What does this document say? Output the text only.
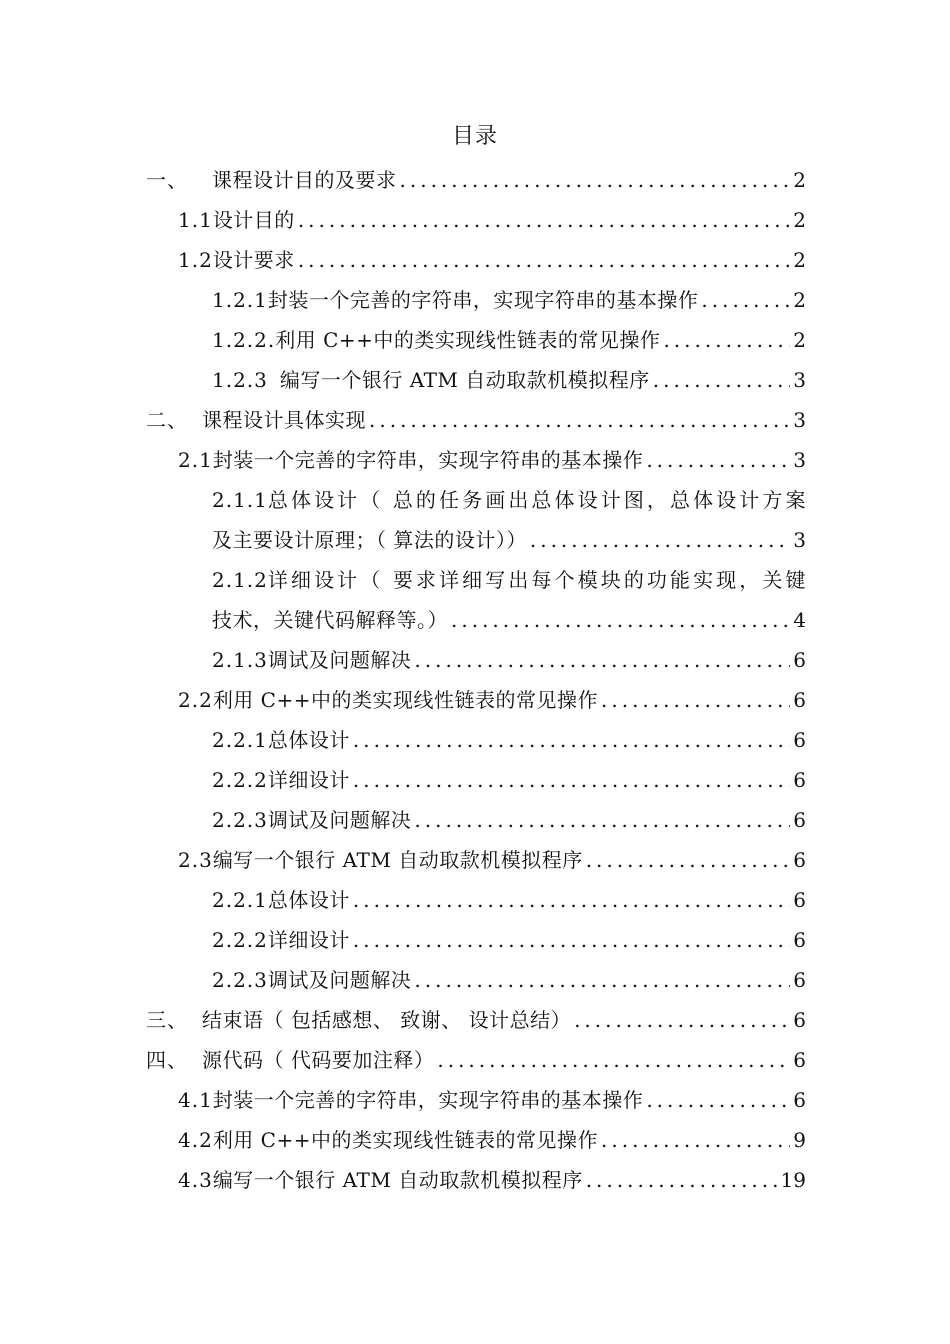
目录
一、	课程设计目的及要求 .....	2
1.1 设计目的 .....	2
1.2 设计要求 .....	2
1.2.1 封装一个完善的字符串，实现字符串的基本操作 .....	2
1.2.2. 利用 C++中的类实现线性链表的常见操作 .....	2
1.2.3 编写一个银行 ATM 自动取款机模拟程序 .....	3
二、 课程设计具体实现 .....	3
2.1 封装一个完善的字符串，实现字符串的基本操作 .....	3
2.1.1 总体设计（ 总的任务画出总体设计图，总体设计方案
及主要设计原理；（ 算法的设计）） .....	3
2.1.2 详细设计（ 要求详细写出每个模块的功能实现，关键
技术，关键代码解释等。） .....	4
2.1.3 调试及问题解决 .....	6
2.2 利用 C++中的类实现线性链表的常见操作 .....	6
2.2.1 总体设计 .....	6
2.2.2 详细设计 .....	6
2.2.3 调试及问题解决 .....	6
2.3 编写一个银行 ATM 自动取款机模拟程序 .....	6
2.2.1 总体设计 .....	6
2.2.2 详细设计 .....	6
2.2.3 调试及问题解决 .....	6
三、 结束语（ 包括感想、 致谢、 设计总结） .....	6
四、 源代码（ 代码要加注释） .....	6
4.1 封装一个完善的字符串，实现字符串的基本操作 .....	6
4.2 利用 C++中的类实现线性链表的常见操作 .....	9
4.3 编写一个银行 ATM 自动取款机模拟程序 .....	19
